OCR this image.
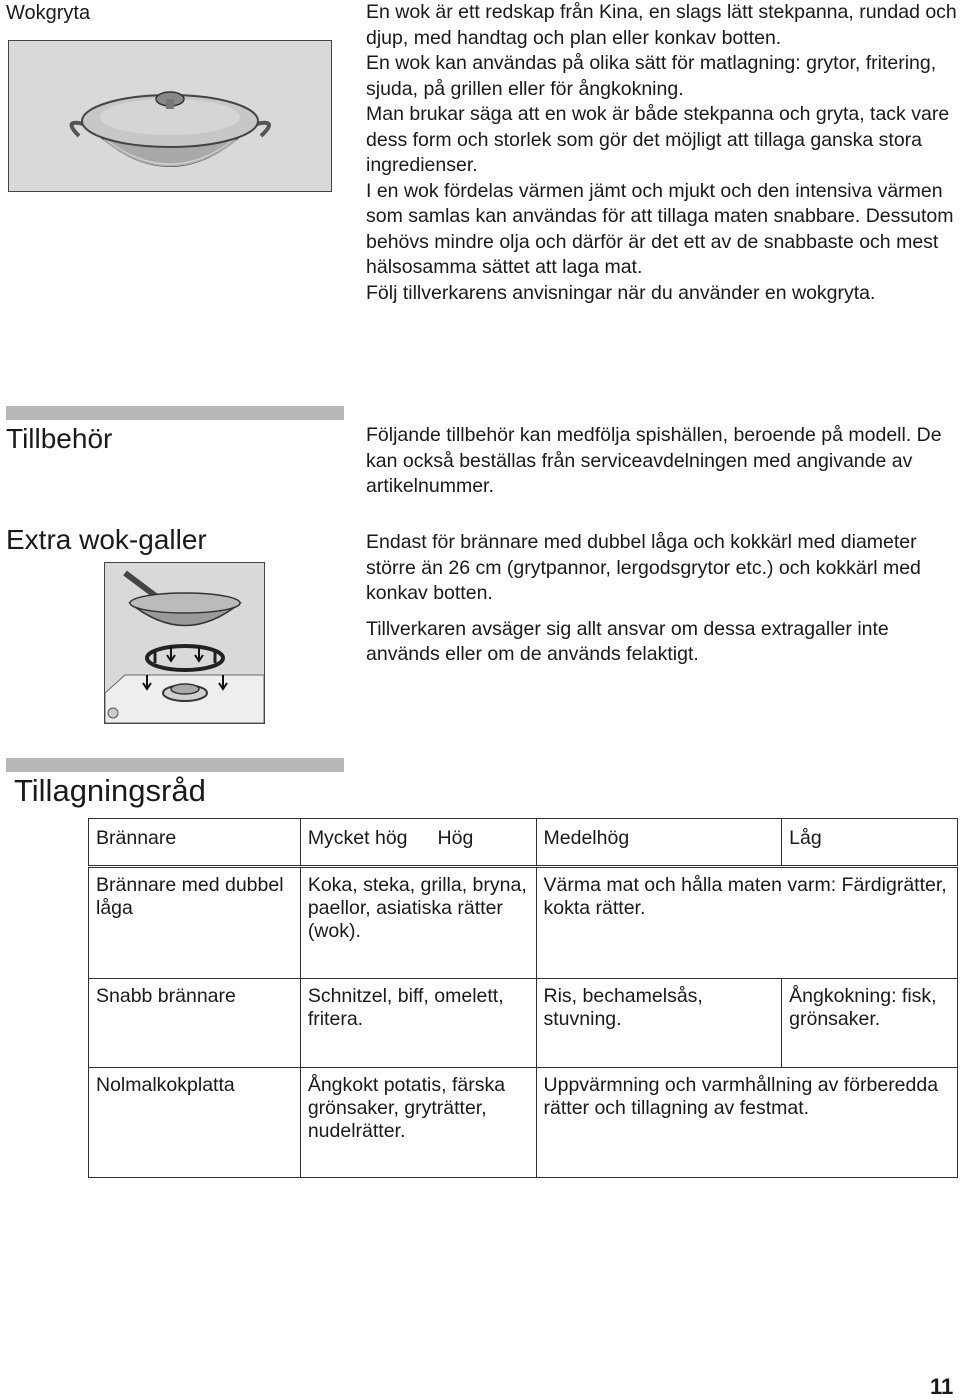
Wokgryta	En wok är ett redskap från Kina, en slags lätt stekpanna, rundad och djup, med handtag och plan eller konkav botten.
En wok kan användas på olika sätt för matlagning: grytor, fritering, sjuda, på grillen eller för ångkokning.
Man brukar säga att en wok är både stekpanna och gryta, tack vare dess form och storlek som gör det möjligt att tillaga ganska stora ingredienser.
I en wok fördelas värmen jämt och mjukt och den intensiva värmen som samlas kan användas för att tillaga maten snabbare. Dessutom behövs mindre olja och därför är det ett av de snabbaste och mest hälsosamma sättet att laga mat.
Följ tillverkarens anvisningar när du använder en wokgryta.
Tillbehör	Följande tillbehör kan medfölja spishällen, beroende på modell. De kan också beställas från serviceavdelningen med angivande av artikelnummer.
Extra wok-galler	Endast för brännare med dubbel låga och kokkärl med diameter större än 26 cm (grytpannor, lergodsgrytor etc.) och kokkärl med konkav botten.
Tillverkaren avsäger sig allt ansvar om dessa extragaller inte används eller om de används felaktigt.
Tillagningsråd
Brännare	Mycket hög Hög	Medelhög	Låg
Brännare med dubbel låga	Koka, steka, grilla, bryna, paellor, asiatiska rätter (wok).	Värma mat och hålla maten varm: Färdigrätter, kokta rätter.	
Snabb brännare	Schnitzel, biff, omelett, fritera.	Ris, bechamelsås, stuvning.	Ångkokning: fisk, grönsaker.
Nolmalkokplatta	Ångkokt potatis, färska grönsaker, gryträtter, nudelrätter.	Uppvärmning och varmhållning av förberedda rätter och tillagning av festmat.	
11
